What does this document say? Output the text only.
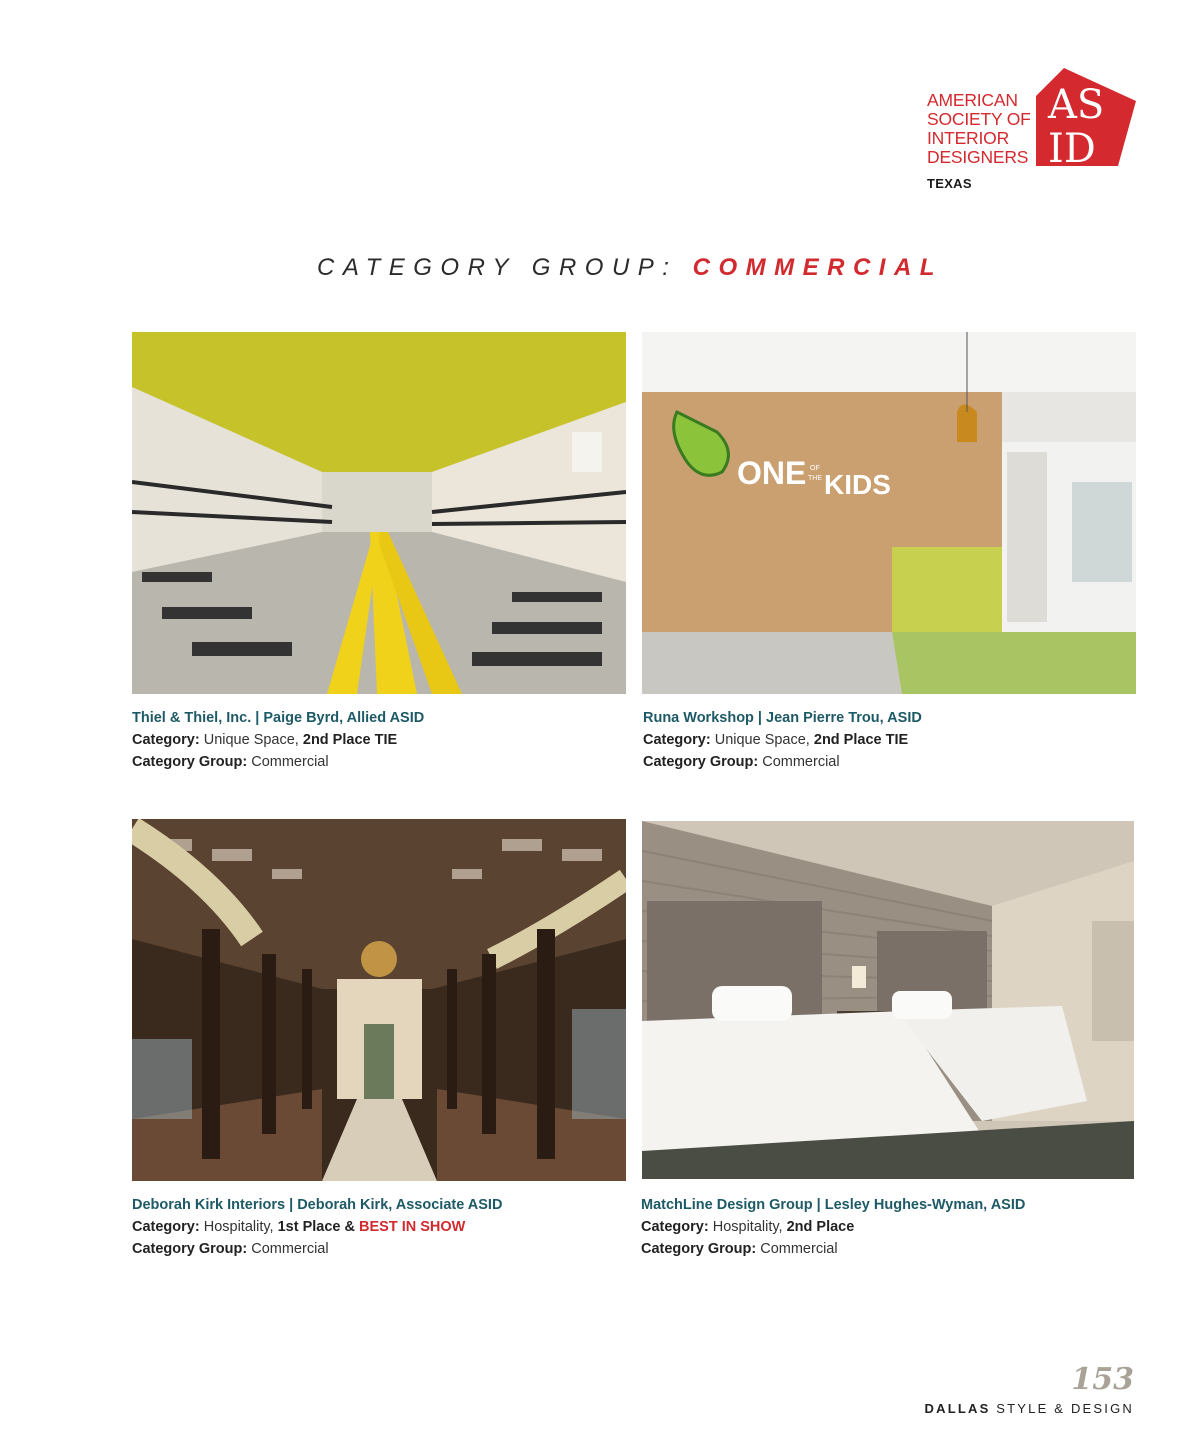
AMERICAN
SOCIETY OF
INTERIOR
DESIGNERS
TEXAS
AS
ID
CATEGORY GROUP: COMMERCIAL
ONE OF
THE KIDS
Thiel & Thiel, Inc. | Paige Byrd, Allied ASID
Category: Unique Space, 2nd Place TIE
Category Group: Commercial
Runa Workshop | Jean Pierre Trou, ASID
Category: Unique Space, 2nd Place TIE
Category Group: Commercial
Deborah Kirk Interiors | Deborah Kirk, Associate ASID
Category: Hospitality, 1st Place & BEST IN SHOW
Category Group: Commercial
MatchLine Design Group | Lesley Hughes-Wyman, ASID
Category: Hospitality, 2nd Place
Category Group: Commercial
153
DALLAS STYLE & DESIGN
